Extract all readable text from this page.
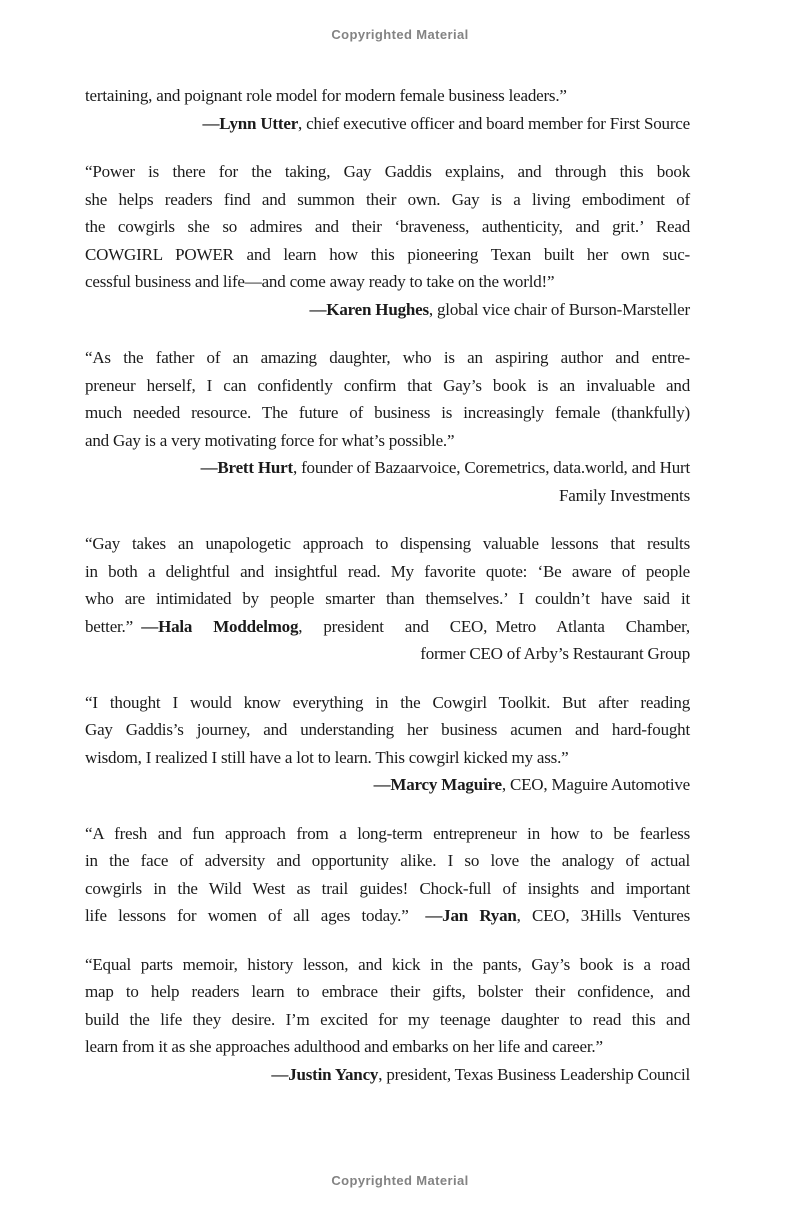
Copyrighted Material
tertaining, and poignant role model for modern female business leaders.”
—Lynn Utter, chief executive officer and board member for First Source
“Power is there for the taking, Gay Gaddis explains, and through this book
she helps readers find and summon their own. Gay is a living embodiment of
the cowgirls she so admires and their ‘braveness, authenticity, and grit.’ Read
COWGIRL POWER and learn how this pioneering Texan built her own suc-
cessful business and life—and come away ready to take on the world!”
—Karen Hughes, global vice chair of Burson-Marsteller
“As the father of an amazing daughter, who is an aspiring author and entre-
preneur herself, I can confidently confirm that Gay’s book is an invaluable and
much needed resource. The future of business is increasingly female (thankfully)
and Gay is a very motivating force for what’s possible.”
—Brett Hurt, founder of Bazaarvoice, Coremetrics, data.world, and Hurt
Family Investments
“Gay takes an unapologetic approach to dispensing valuable lessons that results
in both a delightful and insightful read. My favorite quote: ‘Be aware of people
who are intimidated by people smarter than themselves.’ I couldn’t have said it
better.” —Hala Moddelmog, president and CEO, Metro Atlanta Chamber,
former CEO of Arby’s Restaurant Group
“I thought I would know everything in the Cowgirl Toolkit. But after reading
Gay Gaddis’s journey, and understanding her business acumen and hard-fought
wisdom, I realized I still have a lot to learn. This cowgirl kicked my ass.”
—Marcy Maguire, CEO, Maguire Automotive
“A fresh and fun approach from a long-term entrepreneur in how to be fearless
in the face of adversity and opportunity alike. I so love the analogy of actual
cowgirls in the Wild West as trail guides! Chock-full of insights and important
life lessons for women of all ages today.” —Jan Ryan, CEO, 3Hills Ventures
“Equal parts memoir, history lesson, and kick in the pants, Gay’s book is a road
map to help readers learn to embrace their gifts, bolster their confidence, and
build the life they desire. I’m excited for my teenage daughter to read this and
learn from it as she approaches adulthood and embarks on her life and career.”
—Justin Yancy, president, Texas Business Leadership Council
Copyrighted Material
